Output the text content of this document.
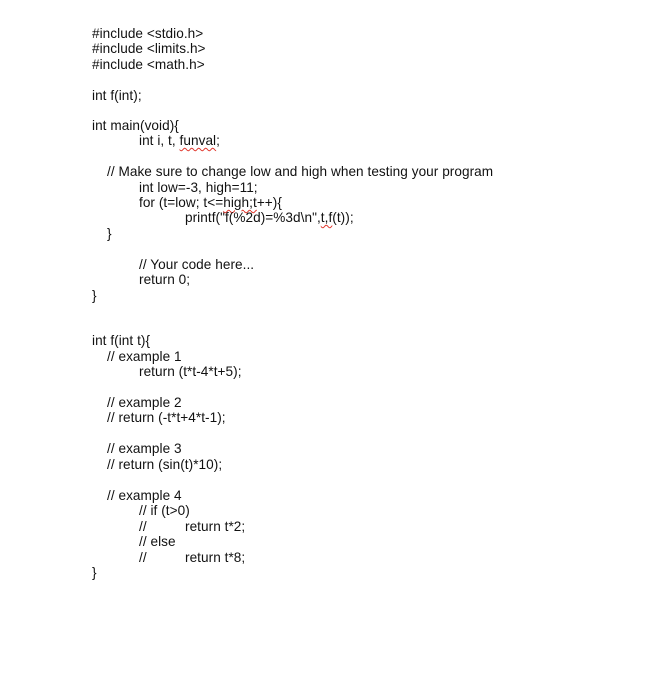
#include <stdio.h>
#include <limits.h>
#include <math.h>
int f(int);
int main(void){
int i, t, funval;
// Make sure to change low and high when testing your program
int low=-3, high=11;
for (t=low; t<=high;t++){
printf("f(%2d)=%3d\n",t,f(t));
}
// Your code here...
return 0;
}
int f(int t){
// example 1
return (t*t-4*t+5);
// example 2
// return (-t*t+4*t-1);
// example 3
// return (sin(t)*10);
// example 4
// if (t>0)
//	return t*2;
// else
//	return t*8;
}
